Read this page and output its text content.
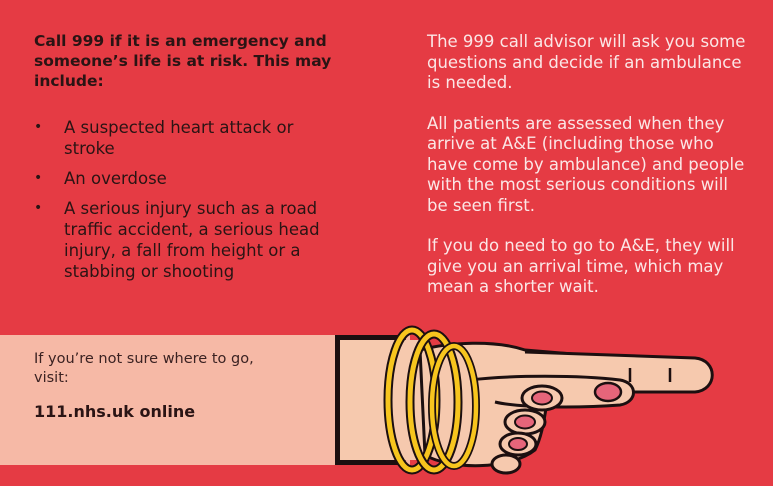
Call 999 if it is an emergency and someone’s life is at risk. This may include:

• A suspected heart attack or stroke
• An overdose
• A serious injury such as a road traffic accident, a serious head injury, a fall from height or a stabbing or shooting

The 999 call advisor will ask you some questions and decide if an ambulance is needed.

All patients are assessed when they arrive at A&E (including those who have come by ambulance) and people with the most serious conditions will be seen first.

If you do need to go to A&E, they will give you an arrival time, which may mean a shorter wait.

If you’re not sure where to go, visit:

111.nhs.uk online
